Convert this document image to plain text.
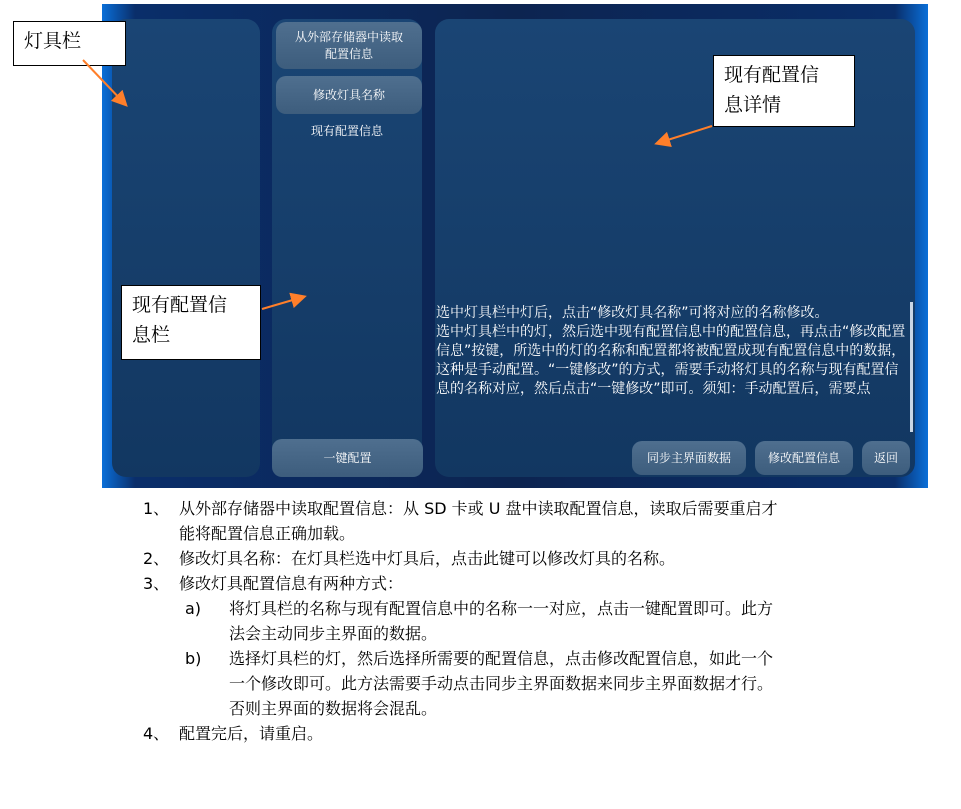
从外部存储器中读取
配置信息
修改灯具名称
现有配置信息
选中灯具栏中灯后，点击“修改灯具名称”可将对应的名称修改。
选中灯具栏中的灯，然后选中现有配置信息中的配置信息，再点击“修改配置信息”按键，所选中的灯的名称和配置都将被配置成现有配置信息中的数据，这种是手动配置。“一键修改”的方式，需要手动将灯具的名称与现有配置信息的名称对应，然后点击“一键修改”即可。须知：手动配置后，需要点
一键配置	同步主界面数据	修改配置信息	返回
灯具栏
现有配置信
息详情
现有配置信
息栏
1、 从外部存储器中读取配置信息：从 SD 卡或 U 盘中读取配置信息，读取后需要重启才
能将配置信息正确加载。
2、 修改灯具名称：在灯具栏选中灯具后，点击此键可以修改灯具的名称。
3、 修改灯具配置信息有两种方式：
a) 将灯具栏的名称与现有配置信息中的名称一一对应，点击一键配置即可。此方
法会主动同步主界面的数据。
b) 选择灯具栏的灯，然后选择所需要的配置信息，点击修改配置信息，如此一个
一个修改即可。此方法需要手动点击同步主界面数据来同步主界面数据才行。
否则主界面的数据将会混乱。
4、 配置完后，请重启。
